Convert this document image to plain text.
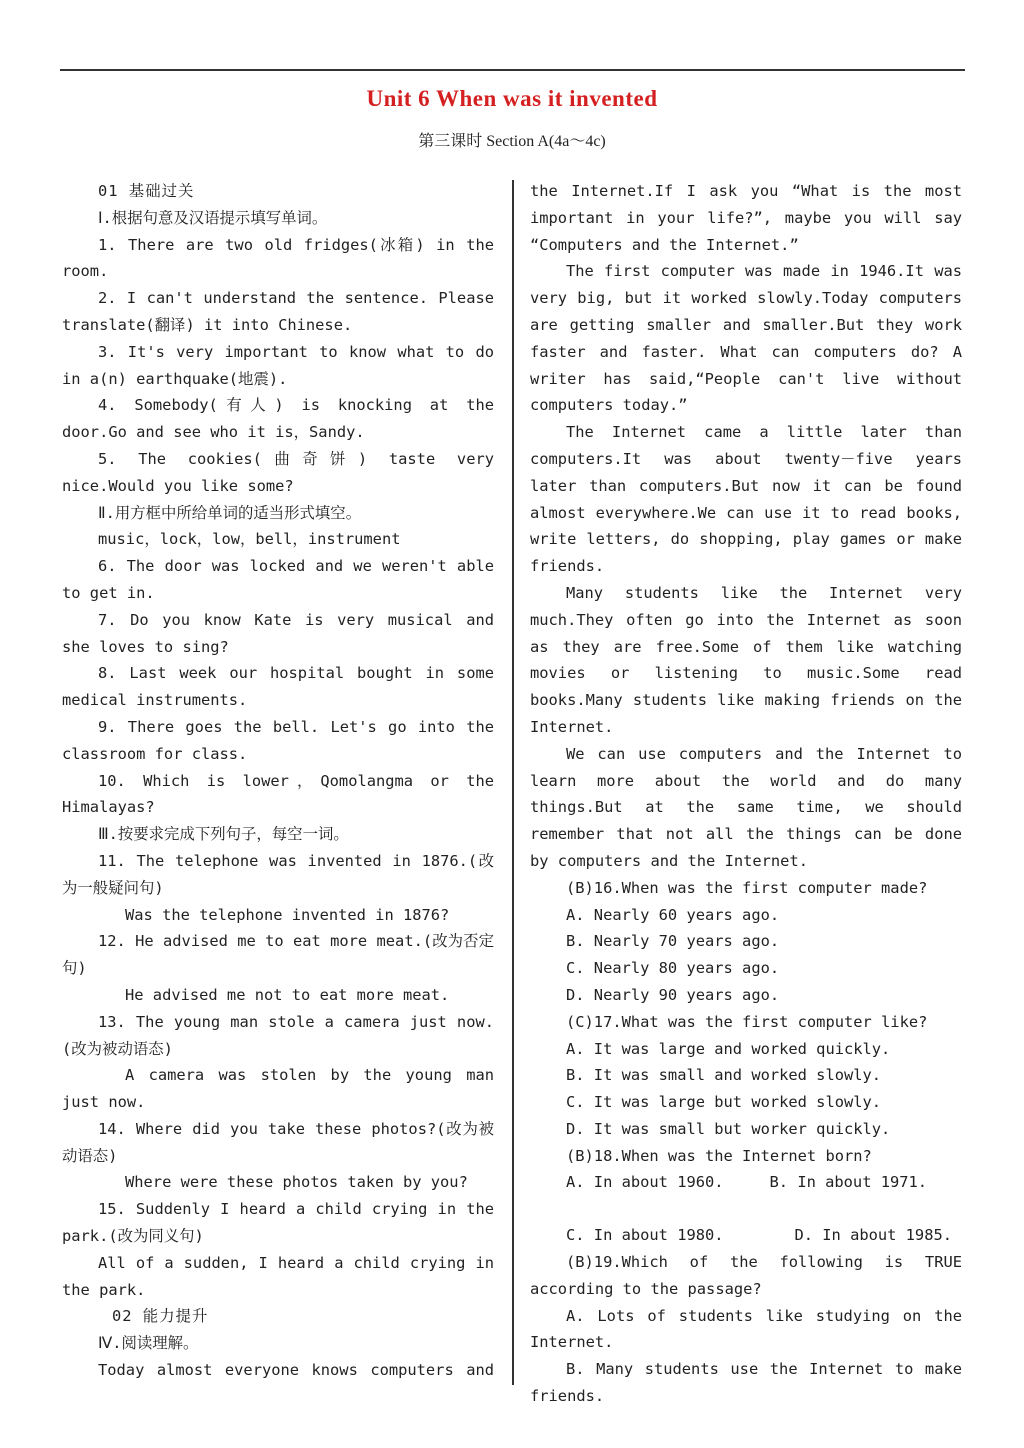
Unit 6 When was it invented
第三课时 Section A(4a～4c)

01 基础过关

Ⅰ.根据句意及汉语提示填写单词。

1. There are two old fridges(冰箱) in the room.

2. I can't understand the sentence. Please translate(翻译) it into Chinese.

3. It's very important to know what to do in a(n) earthquake(地震).

4. Somebody(有人) is knocking at the door.Go and see who it is，Sandy.

5. The cookies(曲奇饼) taste very nice.Would you like some?

Ⅱ.用方框中所给单词的适当形式填空。

music，lock，low，bell，instrument

6. The door was locked and we weren't able to get in.

7. Do you know Kate is very musical and she loves to sing?

8. Last week our hospital bought in some medical instruments.

9. There goes the bell. Let's go into the classroom for class.

10. Which is lower，Qomolangma or the Himalayas?

Ⅲ.按要求完成下列句子，每空一词。

11. The telephone was invented in 1876.(改为一般疑问句)

Was the telephone invented in 1876?

12. He advised me to eat more meat.(改为否定句)

He advised me not to eat more meat.

13. The young man stole a camera just now.(改为被动语态)

A camera was stolen by the young man just now.

14. Where did you take these photos?(改为被动语态)

Where were these photos taken by you?

15. Suddenly I heard a child crying in the park.(改为同义句)

All of a sudden, I heard a child crying in the park.

02 能力提升

Ⅳ.阅读理解。

Today almost everyone knows computers and

the Internet.If I ask you “What is the most important in your life?”, maybe you will say “Computers and the Internet.”

The first computer was made in 1946.It was very big, but it worked slowly.Today computers are getting smaller and smaller.But they work faster and faster. What can computers do? A writer has said,“People can't live without computers today.”

The Internet came a little later than computers.It was about twenty－five years later than computers.But now it can be found almost everywhere.We can use it to read books, write letters, do shopping, play games or make friends.

Many students like the Internet very much.They often go into the Internet as soon as they are free.Some of them like watching movies or listening to music.Some read books.Many students like making friends on the Internet.

We can use computers and the Internet to learn more about the world and do many things.But at the same time, we should remember that not all the things can be done by computers and the Internet.

(B)16.When was the first computer made?

A. Nearly 60 years ago.

B. Nearly 70 years ago.

C. Nearly 80 years ago.

D. Nearly 90 years ago.

(C)17.What was the first computer like?

A. It was large and worked quickly.

B. It was small and worked slowly.

C. It was large but worked slowly.

D. It was small but worker quickly.

(B)18.When was the Internet born?

A. In about 1960.	B. In about 1971.
C. In about 1980.	D. In about 1985.

(B)19.Which of the following is TRUE according to the passage?

A. Lots of students like studying on the Internet.

B. Many students use the Internet to make friends.
